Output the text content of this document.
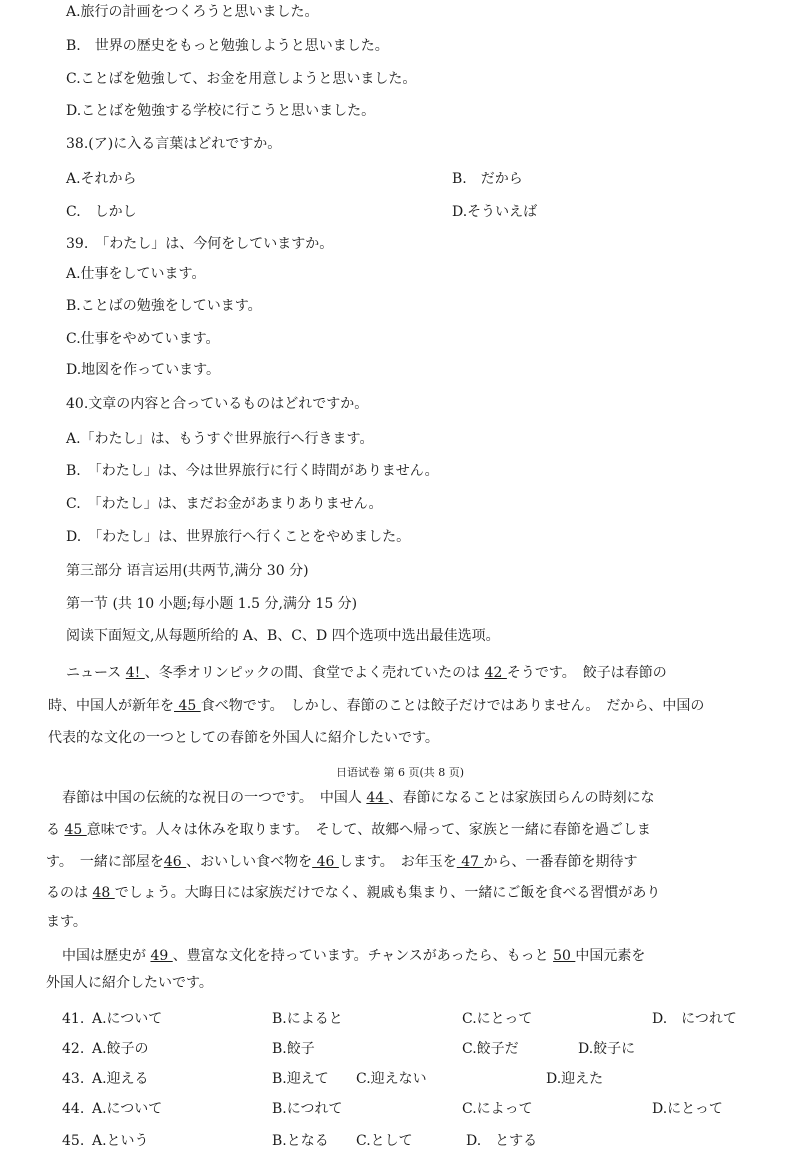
A.旅行の計画をつくろうと思いました。
B.　世界の歴史をもっと勉強しようと思いました。
C.ことばを勉強して、お金を用意しようと思いました。
D.ことばを勉強する学校に行こうと思いました。
38.(ア)に入る言葉はどれですか。
A.それから	B.　だから
C.　しかし	D.そういえば
39.　「わたし」は、今何をしていますか。
A.仕事をしています。
B.ことばの勉強をしています。
C.仕事をやめています。
D.地図を作っています。
40.文章の内容と合っているものはどれですか。
A.「わたし」は、もうすぐ世界旅行へ行きます。
B.　「わたし」は、今は世界旅行に行く時間がありません。
C.　「わたし」は、まだお金があまりありません。
D.　「わたし」は、世界旅行へ行くことをやめました。
第三部分 语言运用(共两节,满分 30 分)
第一节 (共 10 小题;每小题 1.5 分,满分 15 分)
阅读下面短文,从每题所给的 A、B、C、D 四个选项中选出最佳选项。
ニュース 4! 、冬季オリンピックの間、食堂でよく売れていたのは 42 そうです。　餃子は春節の
時、中国人が新年を 45 食べ物です。　しかし、春節のことは餃子だけではありません。　だから、中国の
代表的な文化の一つとしての春節を外国人に紹介したいです。
日语试卷 第 6 页(共 8 页)
春節は中国の伝統的な祝日の一つです。　中国人 44 、春節になることは家族団らんの時刻にな
る 45 意味です。人々は休みを取ります。　そして、故郷へ帰って、家族と一緒に春節を過ごしま
す。　一緒に部屋を46 、おいしい食べ物を 46 します。　お年玉を 47 から、一番春節を期待す
るのは 48 でしょう。大晦日には家族だけでなく、親戚も集まり、一緒にご飯を食べる習慣があり
ます。
中国は歴史が 49 、豊富な文化を持っています。チャンスがあったら、もっと 50 中国元素を
外国人に紹介したいです。
41. A.について	B.によると	C.にとって	D.　につれて
42. A.餃子の	B.餃子	C.餃子だ	D.餃子に
43. A.迎える	B.迎えて C.迎えない	D.迎えた
44. A.について	B.につれて	C.によって	D.にとって
45. A.という	B.となる C.として	D.　とする
